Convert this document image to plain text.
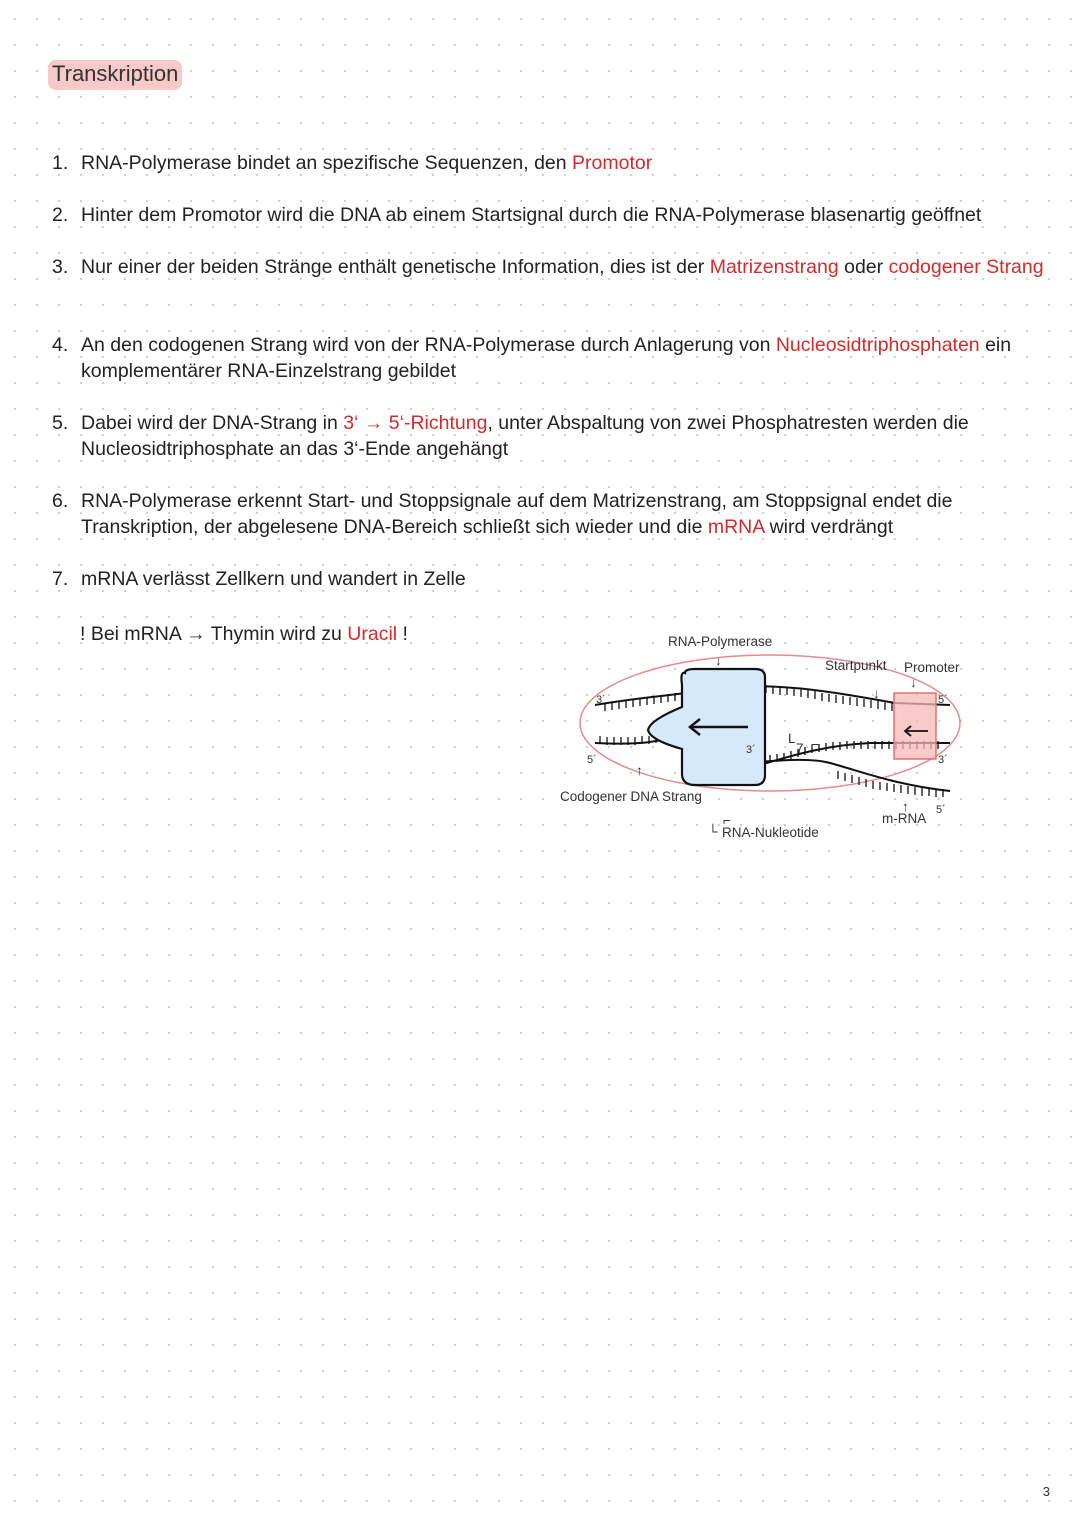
Transkription
1. RNA-Polymerase bindet an spezifische Sequenzen, den Promotor
2. Hinter dem Promotor wird die DNA ab einem Startsignal durch die RNA-Polymerase blasenartig geöffnet
3. Nur einer der beiden Stränge enthält genetische Information, dies ist der Matrizenstrang oder codogener Strang
4. An den codogenen Strang wird von der RNA-Polymerase durch Anlagerung von Nucleosidtriphosphaten ein komplementärer RNA-Einzelstrang gebildet
5. Dabei wird der DNA-Strang in 3‘ → 5‘-Richtung, unter Abspaltung von zwei Phosphatresten werden die Nucleosidtriphosphate an das 3‘-Ende angehängt
6. RNA-Polymerase erkennt Start- und Stoppsignale auf dem Matrizenstrang, am Stoppsignal endet die Transkription, der abgelesene DNA-Bereich schließt sich wieder und die mRNA wird verdrängt
7. mRNA verlässt Zellkern und wandert in Zelle
! Bei mRNA → Thymin wird zu Uracil !	RNA-Polymerase
↓	Startpunkt
↓
Promoter
↓
Codogener DNA Strang
↑
└ RNA-Nukleotide
⌐
L
7 ⌐
m-RNA
↑
3´
5´
3´
5´
3´
5´
3
